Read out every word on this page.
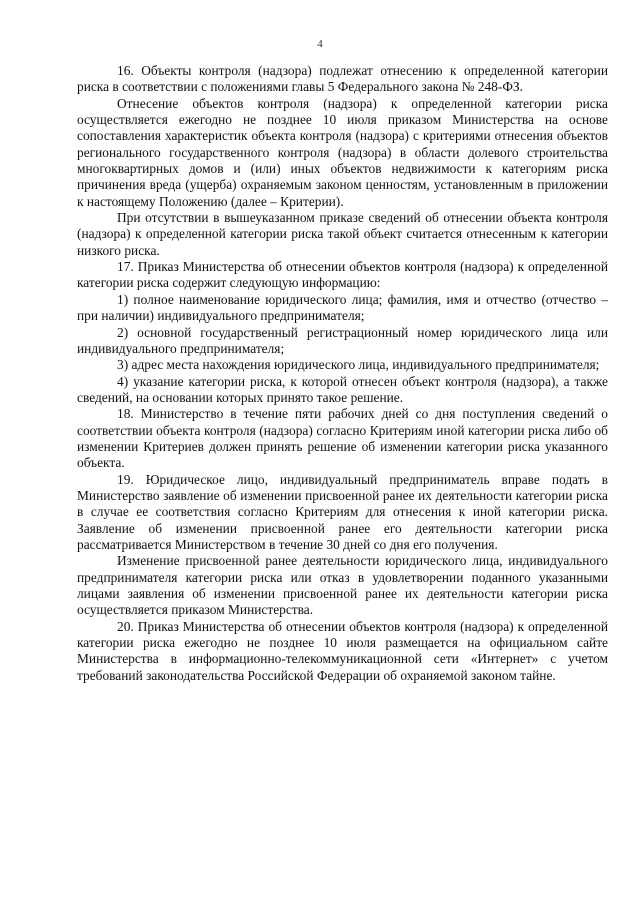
4

16. Объекты контроля (надзора) подлежат отнесению к определенной категории риска в соответствии с положениями главы 5 Федерального закона № 248-ФЗ.

Отнесение объектов контроля (надзора) к определенной категории риска осуществляется ежегодно не позднее 10 июля приказом Министерства на основе сопоставления характеристик объекта контроля (надзора) с критериями отнесения объектов регионального государственного контроля (надзора) в области долевого строительства многоквартирных домов и (или) иных объектов недвижимости к категориям риска причинения вреда (ущерба) охраняемым законом ценностям, установленным в приложении к настоящему Положению (далее – Критерии).

При отсутствии в вышеуказанном приказе сведений об отнесении объекта контроля (надзора) к определенной категории риска такой объект считается отнесенным к категории низкого риска.

17. Приказ Министерства об отнесении объектов контроля (надзора) к определенной категории риска содержит следующую информацию:

1) полное наименование юридического лица; фамилия, имя и отчество (отчество – при наличии) индивидуального предпринимателя;

2) основной государственный регистрационный номер юридического лица или индивидуального предпринимателя;

3) адрес места нахождения юридического лица, индивидуального предпринимателя;

4) указание категории риска, к которой отнесен объект контроля (надзора), а также сведений, на основании которых принято такое решение.

18. Министерство в течение пяти рабочих дней со дня поступления сведений о соответствии объекта контроля (надзора) согласно Критериям иной категории риска либо об изменении Критериев должен принять решение об изменении категории риска указанного объекта.

19. Юридическое лицо, индивидуальный предприниматель вправе подать в Министерство заявление об изменении присвоенной ранее их деятельности категории риска в случае ее соответствия согласно Критериям для отнесения к иной категории риска. Заявление об изменении присвоенной ранее его деятельности категории риска рассматривается Министерством в течение 30 дней со дня его получения.

Изменение присвоенной ранее деятельности юридического лица, индивидуального предпринимателя категории риска или отказ в удовлетворении поданного указанными лицами заявления об изменении присвоенной ранее их деятельности категории риска осуществляется приказом Министерства.

20. Приказ Министерства об отнесении объектов контроля (надзора) к определенной категории риска ежегодно не позднее 10 июля размещается на официальном сайте Министерства в информационно-телекоммуникационной сети «Интернет» с учетом требований законодательства Российской Федерации об охраняемой законом тайне.
